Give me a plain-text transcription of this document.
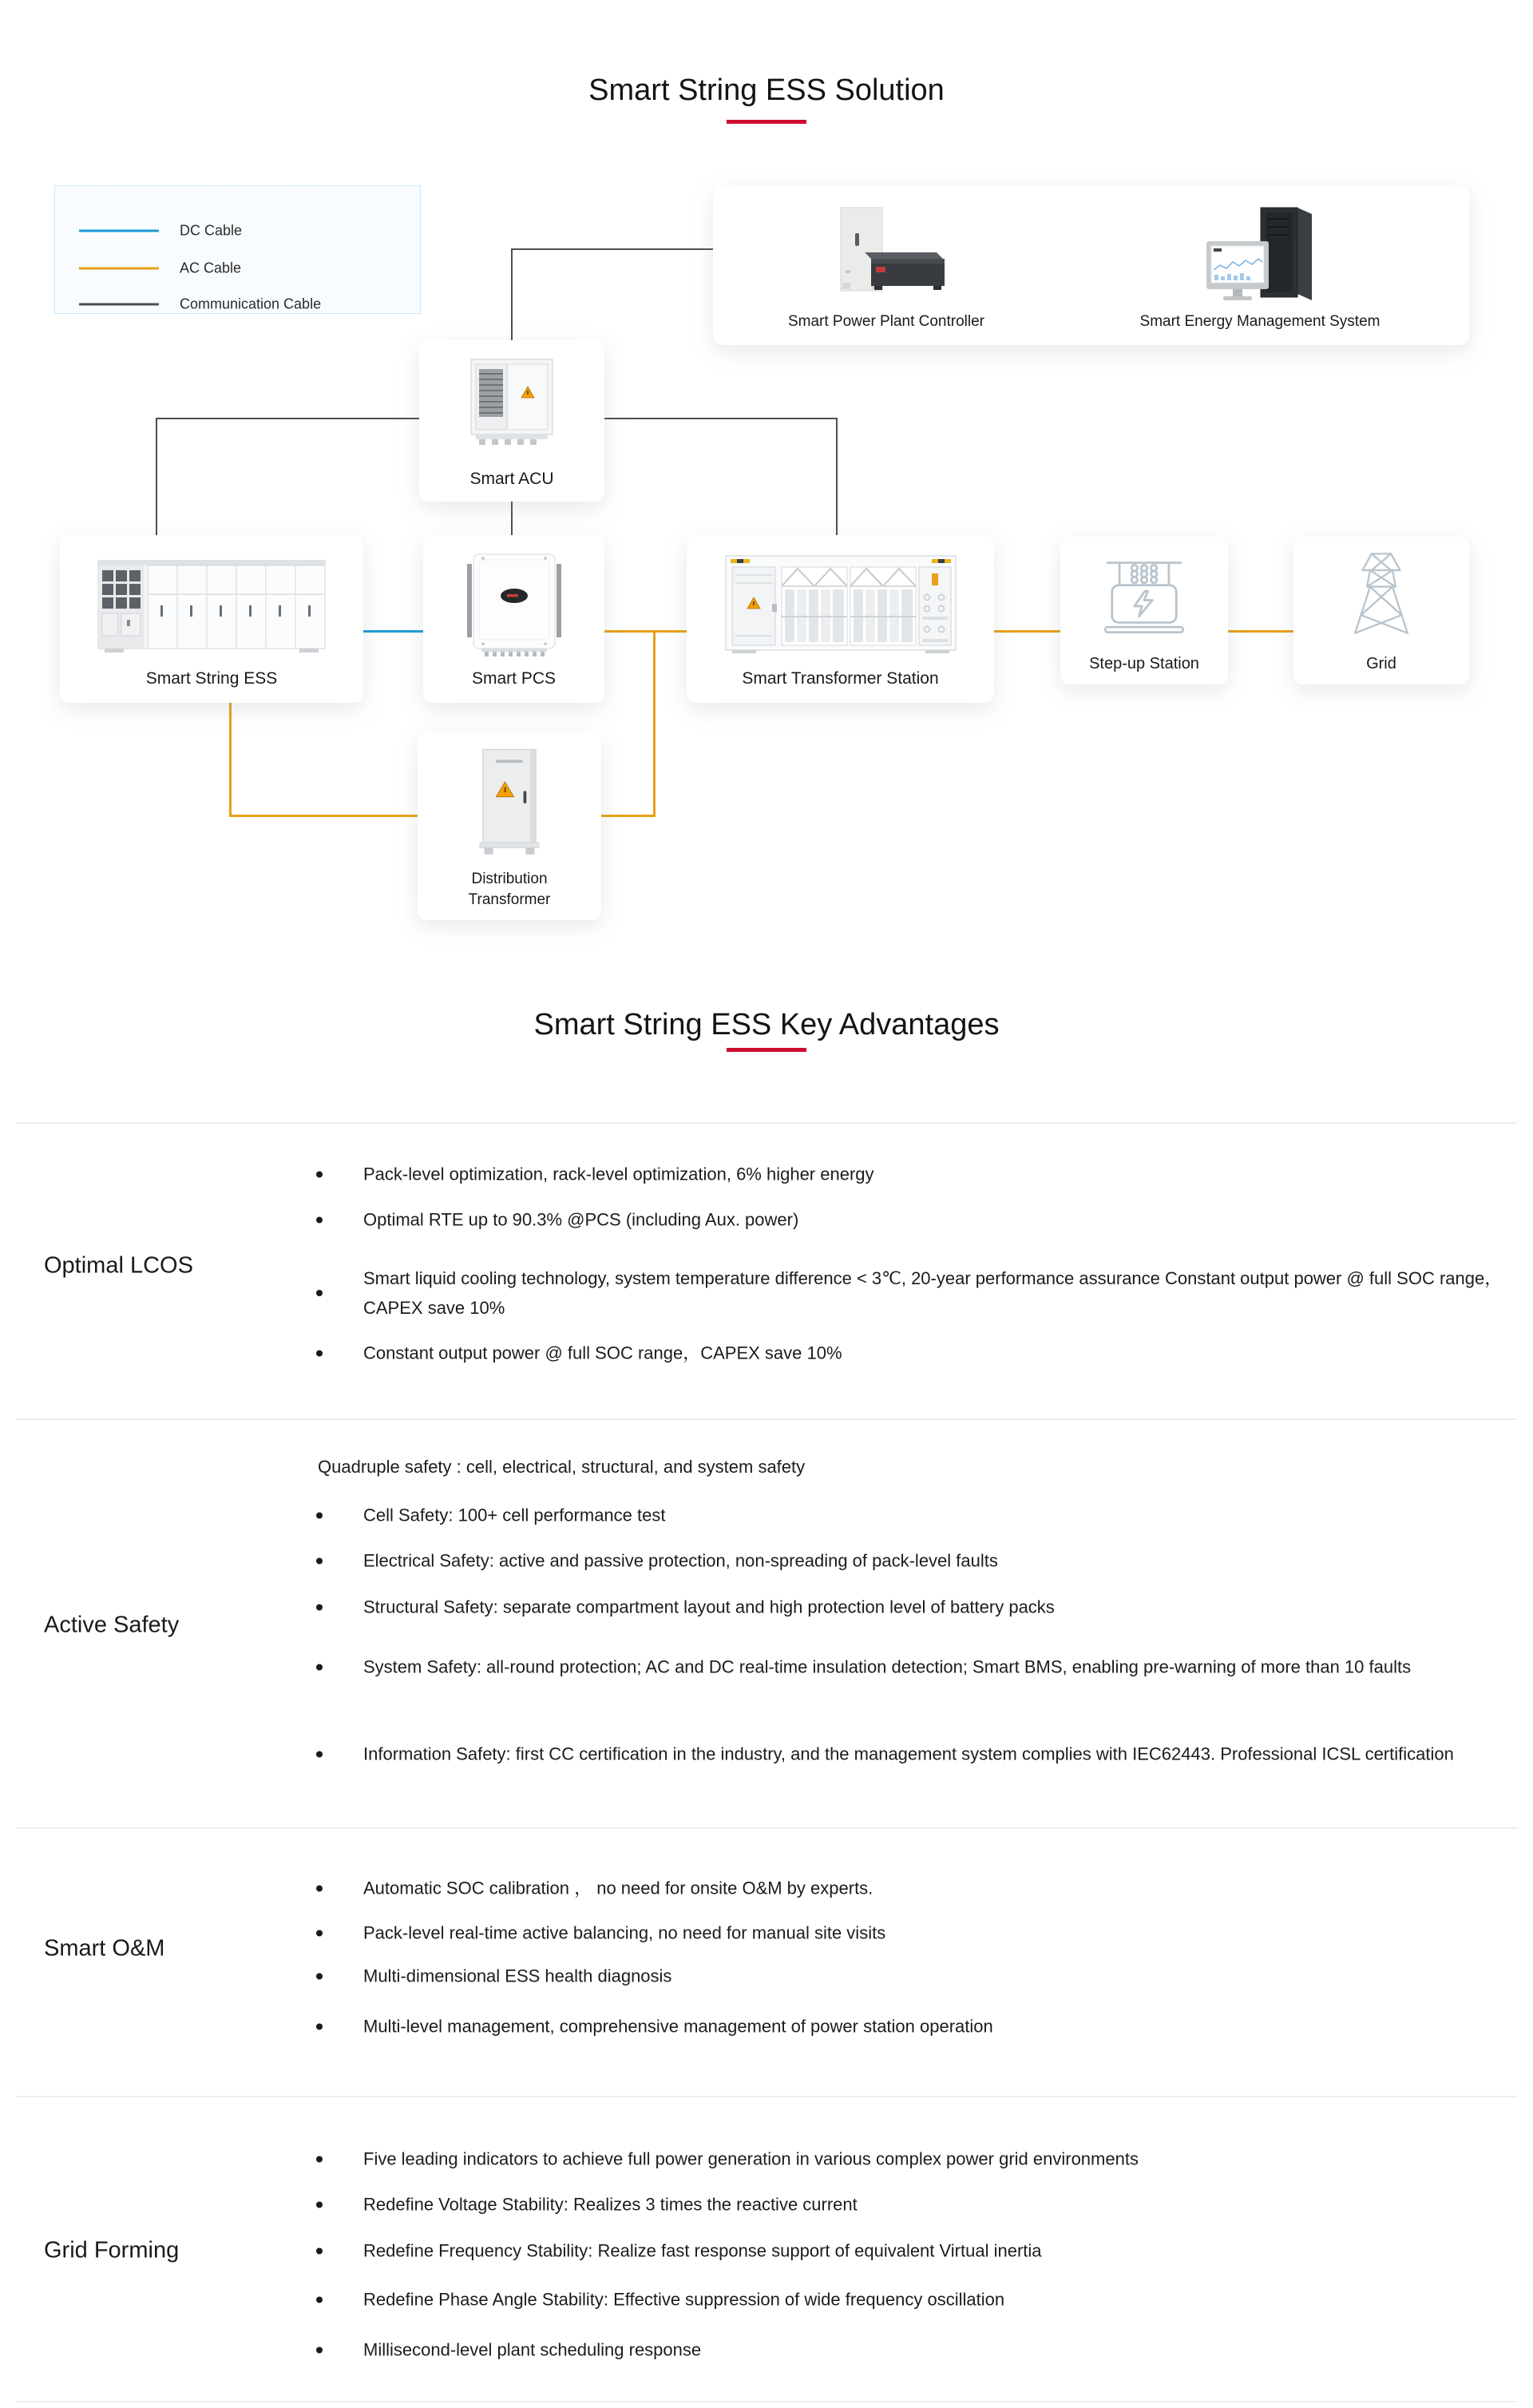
Smart String ESS Solution
DC Cable
AC Cable
Communication Cable
Smart Power Plant Controller	Smart Energy Management System
Smart ACU
Smart String ESS	Smart PCS	Smart Transformer Station
Step-up Station	Grid
Distribution
Transformer
Smart String ESS Key Advantages
Optimal LCOS
Pack-level optimization, rack-level optimization, 6% higher energy
Optimal RTE up to 90.3% @PCS (including Aux. power)
Smart liquid cooling technology, system temperature difference < 3℃, 20-year performance assurance Constant output power @ full SOC range，CAPEX save 10%
Constant output power @ full SOC range，CAPEX save 10%
Active Safety
Quadruple safety : cell, electrical, structural, and system safety
Cell Safety: 100+ cell performance test
Electrical Safety: active and passive protection, non-spreading of pack-level faults
Structural Safety: separate compartment layout and high protection level of battery packs
System Safety: all-round protection; AC and DC real-time insulation detection; Smart BMS, enabling pre-warning of more than 10 faults
Information Safety: first CC certification in the industry, and the management system complies with IEC62443. Professional ICSL certification
Smart O&M
Automatic SOC calibration ， no need for onsite O&M by experts.
Pack-level real-time active balancing, no need for manual site visits
Multi-dimensional ESS health diagnosis
Multi-level management, comprehensive management of power station operation
Grid Forming
Five leading indicators to achieve full power generation in various complex power grid environments
Redefine Voltage Stability: Realizes 3 times the reactive current
Redefine Frequency Stability: Realize fast response support of equivalent Virtual inertia
Redefine Phase Angle Stability: Effective suppression of wide frequency oscillation
Millisecond-level plant scheduling response
